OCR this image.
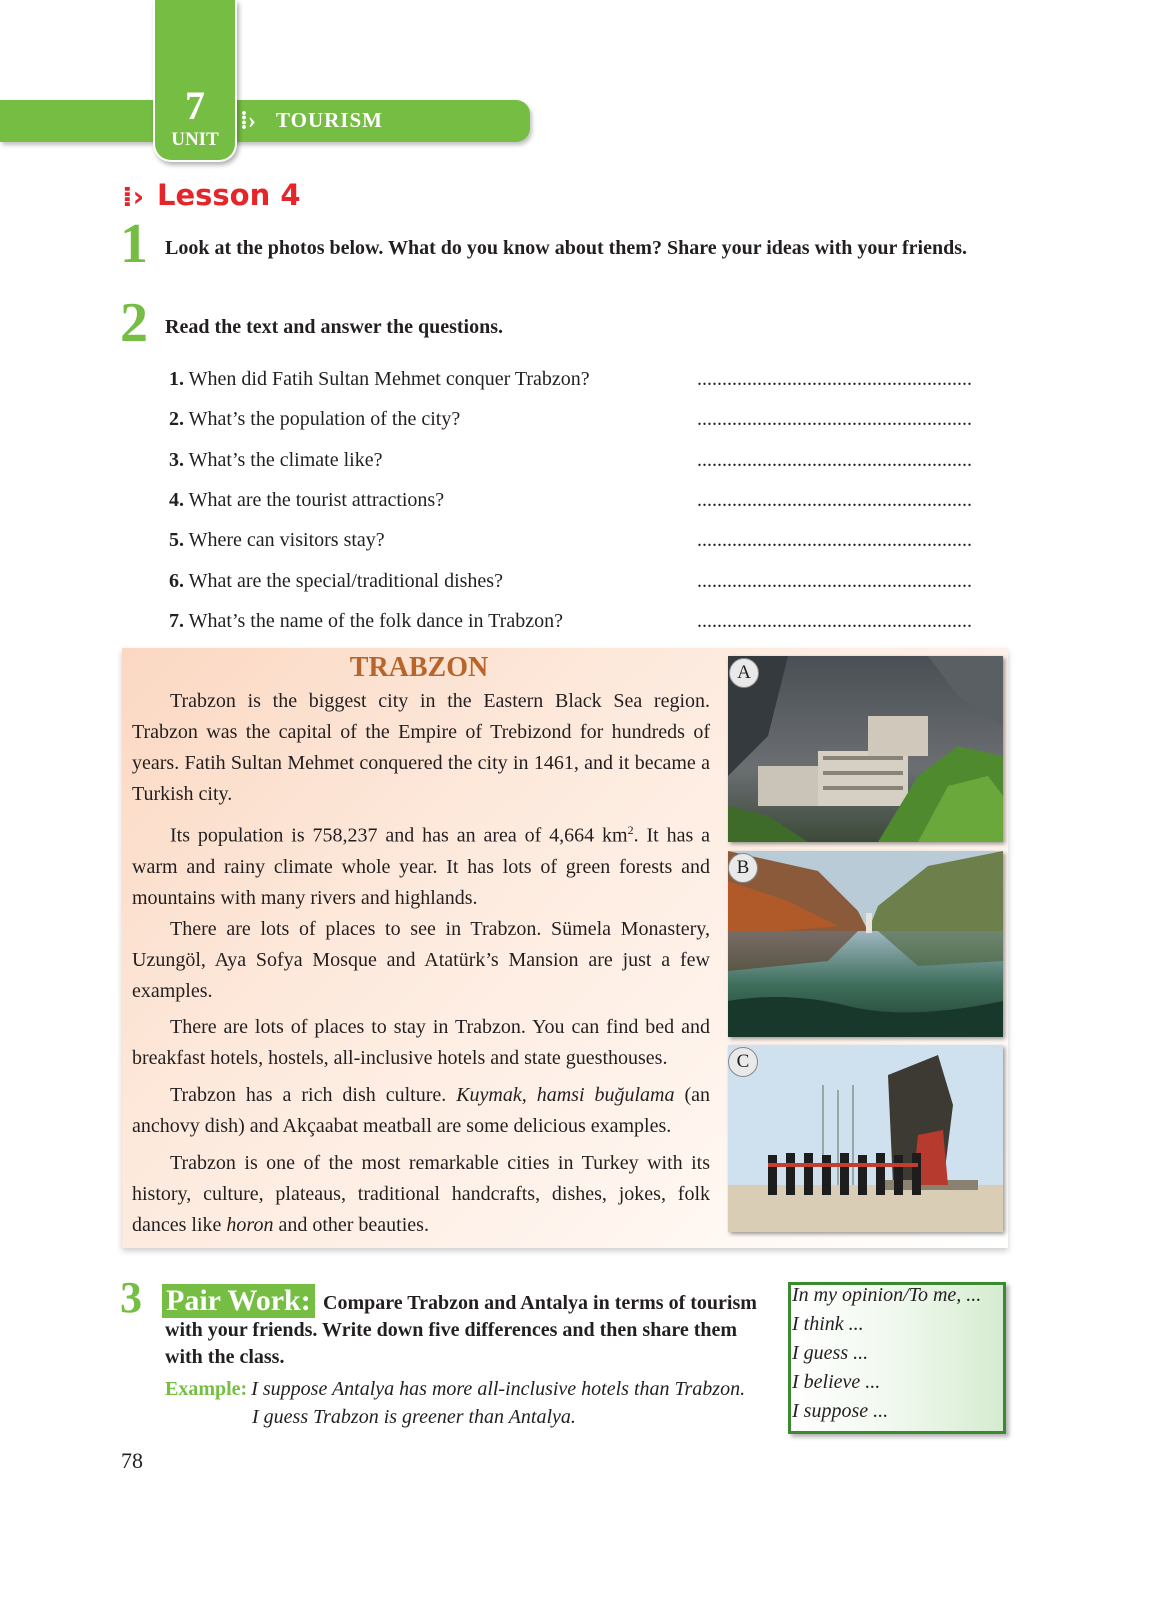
7
UNIT
⁞› TOURISM
⁞› Lesson 4
1 Look at the photos below. What do you know about them? Share your ideas with your friends.
2 Read the text and answer the questions.
1. When did Fatih Sultan Mehmet conquer Trabzon?	.......................................................
2. What’s the population of the city?	.......................................................
3. What’s the climate like?	.......................................................
4. What are the tourist attractions?	.......................................................
5. Where can visitors stay?	.......................................................
6. What are the special/traditional dishes?	.......................................................
7. What’s the name of the folk dance in Trabzon?	.......................................................
TRABZON
Trabzon is the biggest city in the Eastern Black Sea region. Trabzon was the capital of the Empire of Trebizond for hundreds of years. Fatih Sultan Mehmet conquered the city in 1461, and it became a Turkish city.
Its population is 758,237 and has an area of 4,664 $km^2$. It has a warm and rainy climate whole year. It has lots of green forests and mountains with many rivers and highlands.
There are lots of places to see in Trabzon. Sümela Monastery, Uzungöl, Aya Sofya Mosque and Atatürk’s Mansion are just a few examples.
There are lots of places to stay in Trabzon. You can find bed and breakfast hotels, hostels, all-inclusive hotels and state guesthouses.
Trabzon has a rich dish culture. Kuymak, hamsi buğulama (an anchovy dish) and Akçaabat meatball are some delicious examples.
Trabzon is one of the most remarkable cities in Turkey with its history, culture, plateaus, traditional handcrafts, dishes, jokes, folk dances like horon and other beauties.
A
B
C
3 Pair Work: Compare Trabzon and Antalya in terms of tourism with your friends. Write down five differences and then share them with the class.
Example: I suppose Antalya has more all-inclusive hotels than Trabzon.
I guess Trabzon is greener than Antalya.
In my opinion/To me, ...
I think ...
I guess ...
I believe ...
I suppose ...
78
